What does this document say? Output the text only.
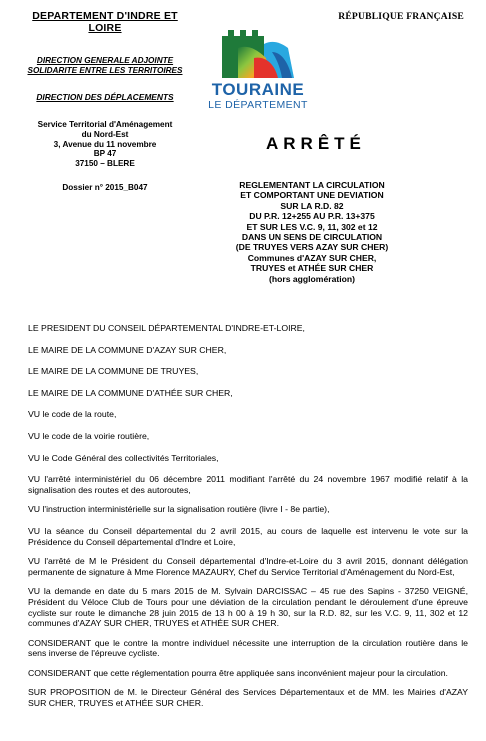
DEPARTEMENT D'INDRE ET LOIRE
DIRECTION GENERALE ADJOINTE
SOLIDARITE ENTRE LES TERRITOIRES
DIRECTION DES DÉPLACEMENTS
Service Territorial d'Aménagement
du Nord-Est
3, Avenue du 11 novembre
BP 47
37150 – BLERE
Dossier n° 2015_B047
RÉPUBLIQUE FRANÇAISE
TOURAINE
LE DÉPARTEMENT
ARRÊTÉ
REGLEMENTANT LA CIRCULATION
ET COMPORTANT UNE DEVIATION
SUR LA R.D. 82
DU P.R. 12+255 AU P.R. 13+375
ET SUR LES V.C. 9, 11, 302 et 12
DANS UN SENS DE CIRCULATION
(DE TRUYES VERS AZAY SUR CHER)
Communes d'AZAY SUR CHER,
TRUYES et ATHÉE SUR CHER
(hors agglomération)

LE PRESIDENT DU CONSEIL DÉPARTEMENTAL D'INDRE-ET-LOIRE,

LE MAIRE DE LA COMMUNE D'AZAY SUR CHER,

LE MAIRE DE LA COMMUNE DE TRUYES,

LE MAIRE DE LA COMMUNE D'ATHÉE SUR CHER,

VU le code de la route,

VU le code de la voirie routière,

VU le Code Général des collectivités Territoriales,

VU l'arrêté interministériel du 06 décembre 2011 modifiant l'arrêté du 24 novembre 1967 modifié relatif à la signalisation des routes et des autoroutes,

VU l'instruction interministérielle sur la signalisation routière (livre I - 8e partie),

VU la séance du Conseil départemental du 2 avril 2015, au cours de laquelle est intervenu le vote sur la Présidence du Conseil départemental d'Indre et Loire,

VU l'arrêté de M le Président du Conseil départemental d'Indre-et-Loire du 3 avril 2015, donnant délégation permanente de signature à Mme Florence MAZAURY, Chef du Service Territorial d'Aménagement du Nord-Est,

VU la demande en date du 5 mars 2015 de M. Sylvain DARCISSAC – 45 rue des Sapins - 37250 VEIGNÉ, Président du Véloce Club de Tours pour une déviation de la circulation pendant le déroulement d'une épreuve cycliste sur route le dimanche 28 juin 2015 de 13 h 00 à 19 h 30, sur la R.D. 82, sur les V.C. 9, 11, 302 et 12 communes d'AZAY SUR CHER, TRUYES et ATHÉE SUR CHER.

CONSIDERANT que le contre la montre individuel nécessite une interruption de la circulation routière dans le sens inverse de l'épreuve cycliste.

CONSIDERANT que cette réglementation pourra être appliquée sans inconvénient majeur pour la circulation.

SUR PROPOSITION de M. le Directeur Général des Services Départementaux et de MM. les Mairies d'AZAY SUR CHER, TRUYES et ATHÉE SUR CHER.
